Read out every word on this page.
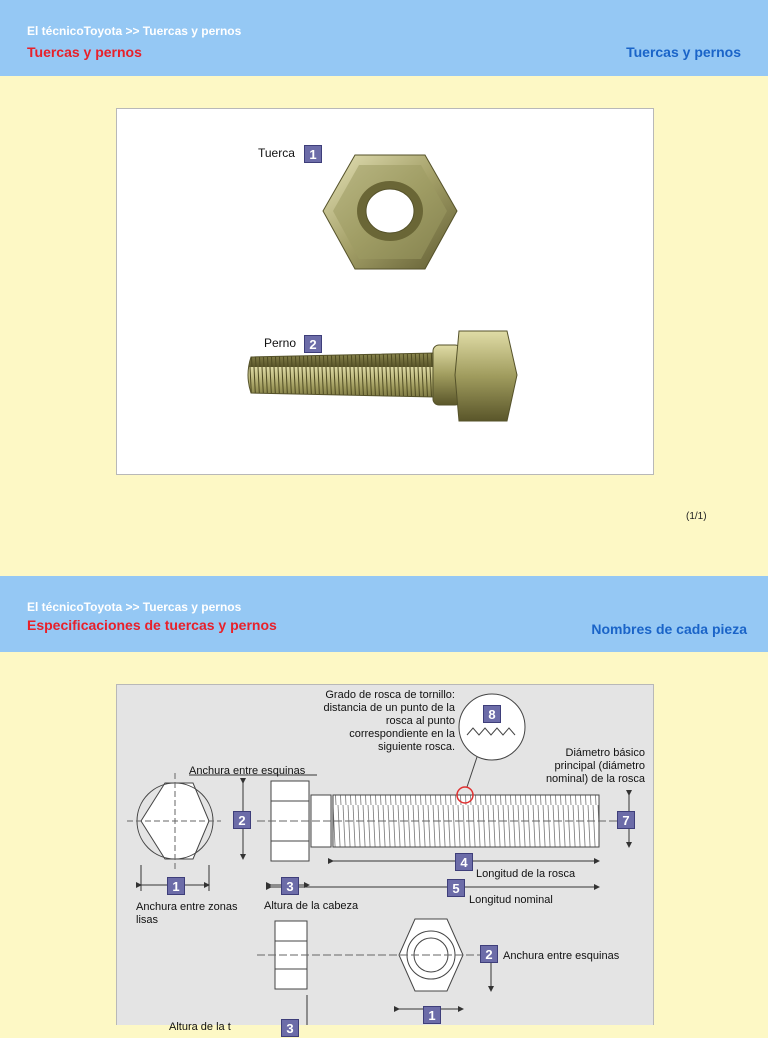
El técnicoToyota >> Tuercas y pernos
Tuercas y pernos	Tuercas y pernos
Tuerca	1
Perno	2
(1/1)
El técnicoToyota >> Tuercas y pernos
Especificaciones de tuercas y pernos	Nombres de cada pieza
Grado de rosca de tornillo:
distancia de un punto de la
rosca al punto
correspondiente en la
siguiente rosca.
8
Diámetro básico
principal (diámetro
nominal) de la rosca
Anchura entre esquinas
2	7
4
Longitud de la rosca
1	3	5
Longitud nominal
Anchura entre zonas
lisas
Altura de la cabeza
2 Anchura entre esquinas
1
Altura de la t	3
